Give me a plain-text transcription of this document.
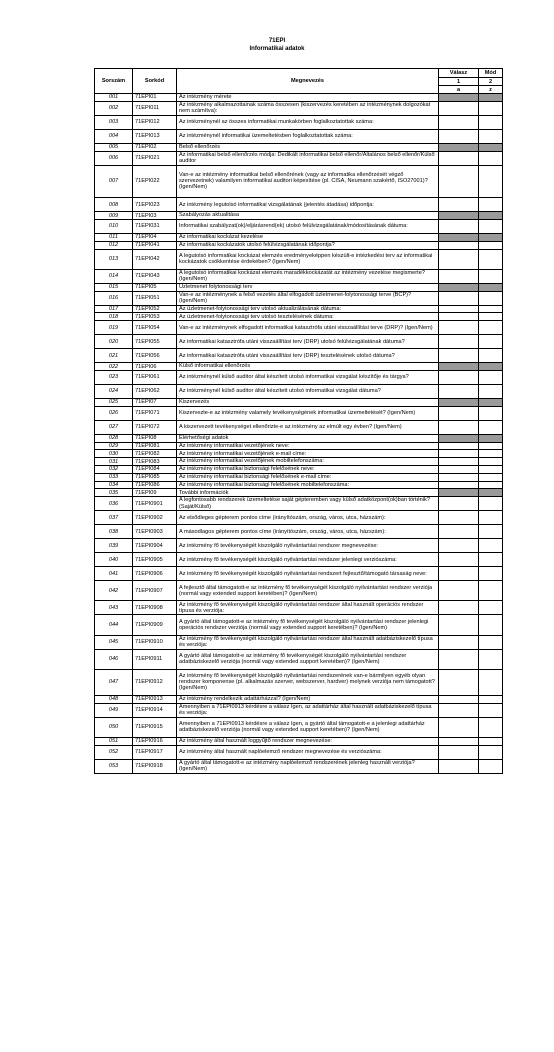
71EPI
Informatikai adatok
Sorszám	Sorkód	Megnevezés	Válasz	Mód
			1	2
			a	z
001	71EPI01	Az intézmény mérete		
002	71EPI011	Az intézmény alkalmazottainak száma összesen (kiszervezés keretében az intézménynek dolgozókat nem számítva):		
003	71EPI012	Az intézménynél az összes informatikai munkakörben foglalkoztatottak száma:		
004	71EPI013	Az intézménynél informatikai üzemeltetésben foglalkoztatottak száma:		
005	71EPI02	Belső ellenőrzés		
006	71EPI021	Az informatikai belső ellenőrzés módja: Dedikált informatikai belső ellenőr/Általános belső ellenőr/Külső auditor		
007	71EPI022	Van-e az intézmény informatikai belső ellenőrének (vagy az informatika ellenőrzését végző szervezetnek) valamilyen informatikai auditori képesítése (pl. CISA, Neumann szakértő, ISO27001)? (Igen/Nem)		
008	71EPI023	Az intézmény legutolsó informatikai vizsgálatának (jelentés átadása) időpontja:		
009	71EPI03	Szabályozás aktualitása		
010	71EPI031	Informatikai szabályzat(ok)/eljárásrend(ek) utolsó felülvizsgálatának/módosításának dátuma:		
011	71EPI04	Az informatikai kockázat kezelése		
012	71EPI041	Az informatikai kockázatok utolsó felülvizsgálatának időpontja?		
013	71EPI042	A legutolsó informatikai kockázat elemzés eredményeképpen készült-e intézkedési terv az informatikai kockázatok csökkentése érdekében? (Igen/Nem)		
014	71EPI043	A legutolsó informatikai kockázat elemzés maradékkockázatát az intézmény vezetése megismerte? (Igen/Nem)		
015	71EPI05	Üzletmenet folytonossági terv		
016	71EPI051	Van-e az intézménynek a felső vezetés által elfogadott üzletmenet-folytonossági terve (BCP)? (Igen/Nem)		
017	71EPI052	Az üzletmenet-folytonossági terv utolsó aktualizálásának dátuma:		
018	71EPI053	Az üzletmenet-folytonossági terv utolsó tesztelésének dátuma:		
019	71EPI054	Van-e az intézménynek elfogadott informatikai katasztrófa utáni visszaállítási terve (DRP)? (Igen/Nem)		
020	71EPI055	Az informatikai katasztrófa utáni visszaállítási terv (DRP) utolsó felülvizsgálatának dátuma?		
021	71EPI056	Az informatikai katasztrófa utáni visszaállítási terv (DRP) tesztelésének utolsó dátuma?		
022	71EPI06	Külső informatikai ellenőrzés		
023	71EPI061	Az intézménynél külső auditor által készített utolsó informatikai vizsgálat készítője és tárgya?		
024	71EPI062	Az intézménynél külső auditor által készített utolsó informatikai vizsgálat dátuma?		
025	71EPI07	Kiszervezés		
026	71EPI071	Kiszervezte-e az intézmény valamely tevékenységének informatikai üzemeltetését? (Igen/Nem)		
027	71EPI072	A kiszervezett tevékenységet ellenőrizte-e az intézmény az elmúlt egy évben? (Igen/Nem)		
028	71EPI08	Elérhetőségi adatok		
029	71EPI081	Az intézmény informatikai vezetőjének neve:		
030	71EPI082	Az intézmény informatikai vezetőjének e-mail címe:		
031	71EPI083	Az intézmény informatikai vezetőjének mobiltelefonszáma:		
032	71EPI084	Az intézmény informatikai biztonsági felelősének neve:		
033	71EPI085	Az intézmény informatikai biztonsági felelősének e-mail címe:		
034	71EPI086	Az intézmény informatikai biztonsági felelősének mobiltelefonszáma:		
035	71EPI09	További információk		
036	71EPI0901	A legfontosabb rendszerek üzemeltetése saját gépteremben vagy külső adatközpont(ok)ban történik? (Saját/Külső)		
037	71EPI0902	Az elsődleges gépterem pontos címe (irányítószám, ország, város, utca, házszám):		
038	71EPI0903	A másodlagos gépterem pontos címe (irányítószám, ország, város, utca, házszám):		
039	71EPI0904	Az intézmény fő tevékenységét kiszolgáló nyilvántartási rendszer megnevezése:		
040	71EPI0905	Az intézmény fő tevékenységét kiszolgáló nyilvántartási rendszer jelenlegi verziószáma:		
041	71EPI0906	Az intézmény fő tevékenységét kiszolgáló nyilvántartási rendszert fejlesztő/támogató társaság neve:		
042	71EPI0907	A fejlesztő által támogatott-e az intézmény fő tevékenységét kiszolgáló nyilvántartási rendszer verziója (normál vagy extended support keretében)? (Igen/Nem)		
043	71EPI0908	Az intézmény fő tevékenységét kiszolgáló nyilvántartási rendszer által használt operációs rendszer típusa és verziója:		
044	71EPI0909	A gyártó által támogatott-e az intézmény fő tevékenységét kiszolgáló nyilvántartási rendszer jelenlegi operációs rendszer verziója (normál vagy extended support keretében)? (Igen/Nem)		
045	71EPI0910	Az intézmény fő tevékenységét kiszolgáló nyilvántartási rendszer által használt adatbáziskezelő típusa és verziója:		
046	71EPI0911	A gyártó által támogatott-e az intézmény fő tevékenységét kiszolgáló nyilvántartási rendszer adatbáziskezelő verziója (normál vagy extended support keretében)? (Igen/Nem)		
047	71EPI0912	Az intézmény fő tevékenységét kiszolgáló nyilvántartási rendszerének van-e bármilyen egyéb olyan rendszer komponense (pl. alkalmazás szerver, webszerver, hardver) melynek verziója nem támogatott? (Igen/Nem)		
048	71EPI0913	Az intézmény rendelkezik adattárházzal? (Igen/Nem)		
049	71EPI0914	Amennyiben a 71EPI0913 kérdésre a válasz Igen, az adattárház által használt adatbáziskezelő típusa és verziója:		
050	71EPI0915	Amennyiben a 71EPI0913 kérdésre a válasz Igen, a gyártó által támogatott-e a jelenlegi adattárház adatbáziskezelő verziója (normál vagy extended support keretében)? (Igen/Nem)		
051	71EPI0916	Az intézmény által használt loggyűjtő rendszer megnevezése:		
052	71EPI0917	Az intézmény által használt naplóelemző rendszer megnevezése és verziószáma:		
053	71EPI0918	A gyártó által támogatott-e az intézmény naplóelemző rendszerének jelenleg használt verziója? (Igen/Nem)		
